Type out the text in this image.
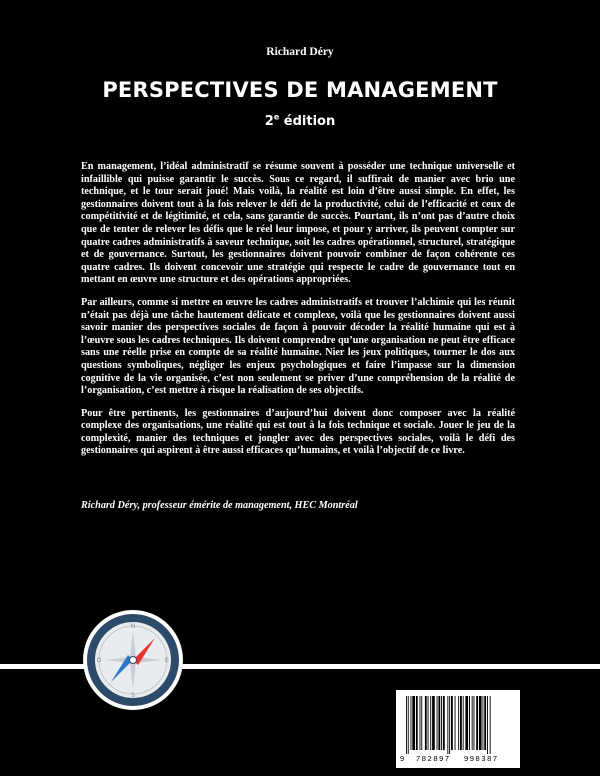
Richard Déry
PERSPECTIVES DE MANAGEMENT
2e édition

En management, l’idéal administratif se résume souvent à posséder une technique universelle et infaillible qui puisse garantir le succès. Sous ce regard, il suffirait de manier avec brio une technique, et le tour serait joué! Mais voilà, la réalité est loin d’être aussi simple. En effet, les gestionnaires doivent tout à la fois relever le défi de la productivité, celui de l’efficacité et ceux de compétitivité et de légitimité, et cela, sans garantie de succès. Pourtant, ils n’ont pas d’autre choix que de tenter de relever les défis que le réel leur impose, et pour y arriver, ils peuvent compter sur quatre cadres administratifs à saveur technique, soit les cadres opérationnel, structurel, stratégique et de gouvernance. Surtout, les gestionnaires doivent pouvoir combiner de façon cohérente ces quatre cadres. Ils doivent concevoir une stratégie qui respecte le cadre de gouvernance tout en mettant en œuvre une structure et des opérations appropriées.

Par ailleurs, comme si mettre en œuvre les cadres administratifs et trouver l’alchimie qui les réunit n’était pas déjà une tâche hautement délicate et complexe, voilà que les gestionnaires doivent aussi savoir manier des perspectives sociales de façon à pouvoir décoder la réalité humaine qui est à l’œuvre sous les cadres techniques. Ils doivent comprendre qu’une organisation ne peut être efficace sans une réelle prise en compte de sa réalité humaine. Nier les jeux politiques, tourner le dos aux questions symboliques, négliger les enjeux psychologiques et faire l’impasse sur la dimension cognitive de la vie organisée, c’est non seulement se priver d’une compréhension de la réalité de l’organisation, c’est mettre à risque la réalisation de ses objectifs.

Pour être pertinents, les gestionnaires d’aujourd’hui doivent donc composer avec la réalité complexe des organisations, une réalité qui est tout à la fois technique et sociale. Jouer le jeu de la complexité, manier des techniques et jongler avec des perspectives sociales, voilà le défi des gestionnaires qui aspirent à être aussi efficaces qu’humains, et voilà l’objectif de ce livre.

Richard Déry, professeur émérite de management, HEC Montréal
N
S
E
O
9 782897 998387
